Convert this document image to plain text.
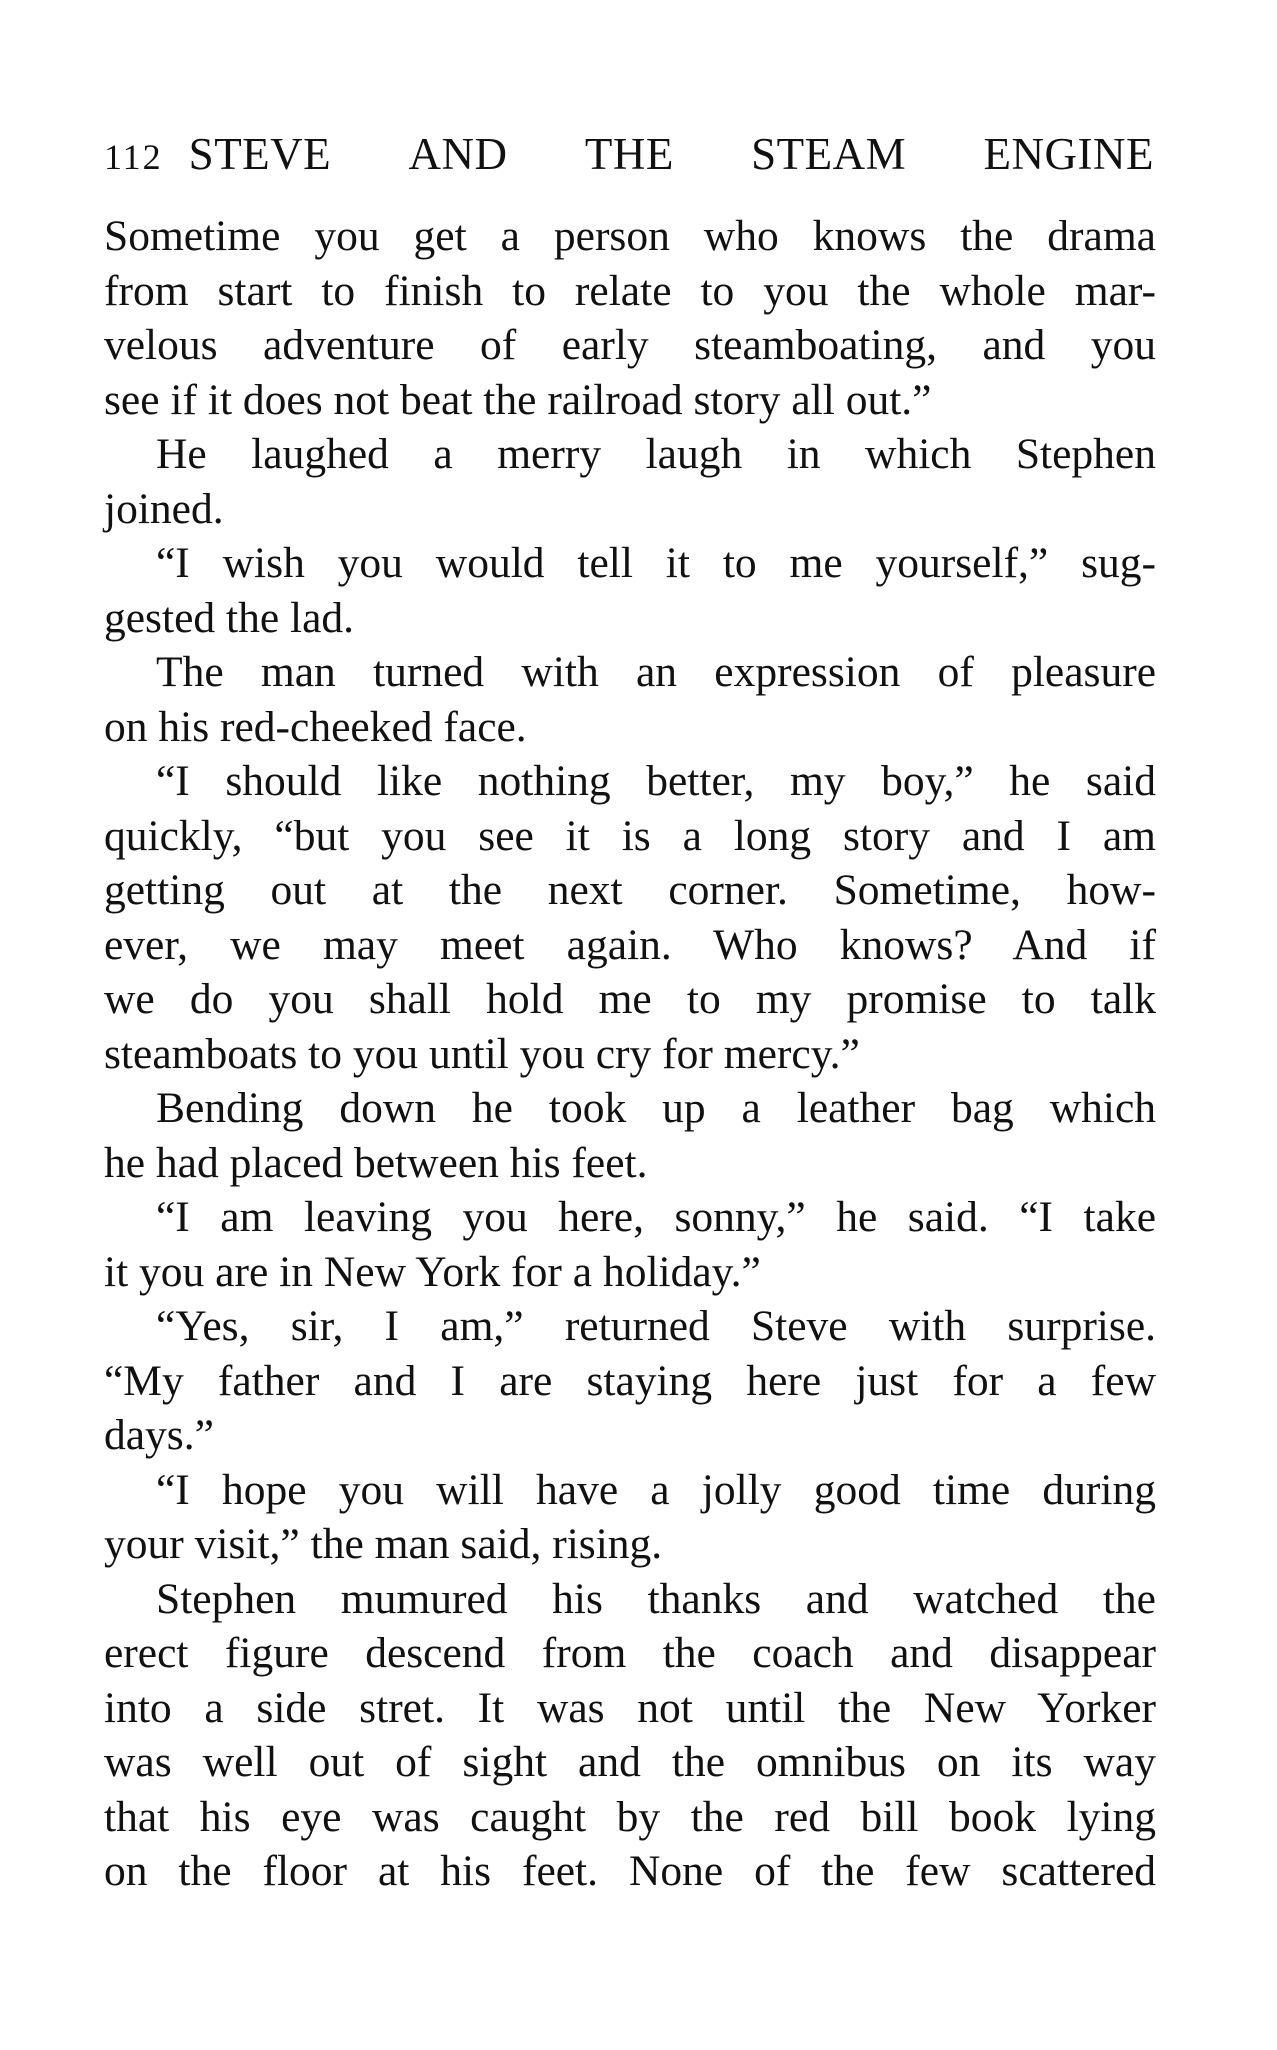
112 STEVE AND THE STEAM ENGINE
Sometime you get a person who knows the drama
from start to finish to relate to you the whole mar-
velous adventure of early steamboating, and you
see if it does not beat the railroad story all out.”
He laughed a merry laugh in which Stephen
joined.
“I wish you would tell it to me yourself,” sug-
gested the lad.
The man turned with an expression of pleasure
on his red-cheeked face.
“I should like nothing better, my boy,” he said
quickly, “but you see it is a long story and I am
getting out at the next corner. Sometime, how-
ever, we may meet again. Who knows? And if
we do you shall hold me to my promise to talk
steamboats to you until you cry for mercy.”
Bending down he took up a leather bag which
he had placed between his feet.
“I am leaving you here, sonny,” he said. “I take
it you are in New York for a holiday.”
“Yes, sir, I am,” returned Steve with surprise.
“My father and I are staying here just for a few
days.”
“I hope you will have a jolly good time during
your visit,” the man said, rising.
Stephen mumured his thanks and watched the
erect figure descend from the coach and disappear
into a side stret. It was not until the New Yorker
was well out of sight and the omnibus on its way
that his eye was caught by the red bill book lying
on the floor at his feet. None of the few scattered
